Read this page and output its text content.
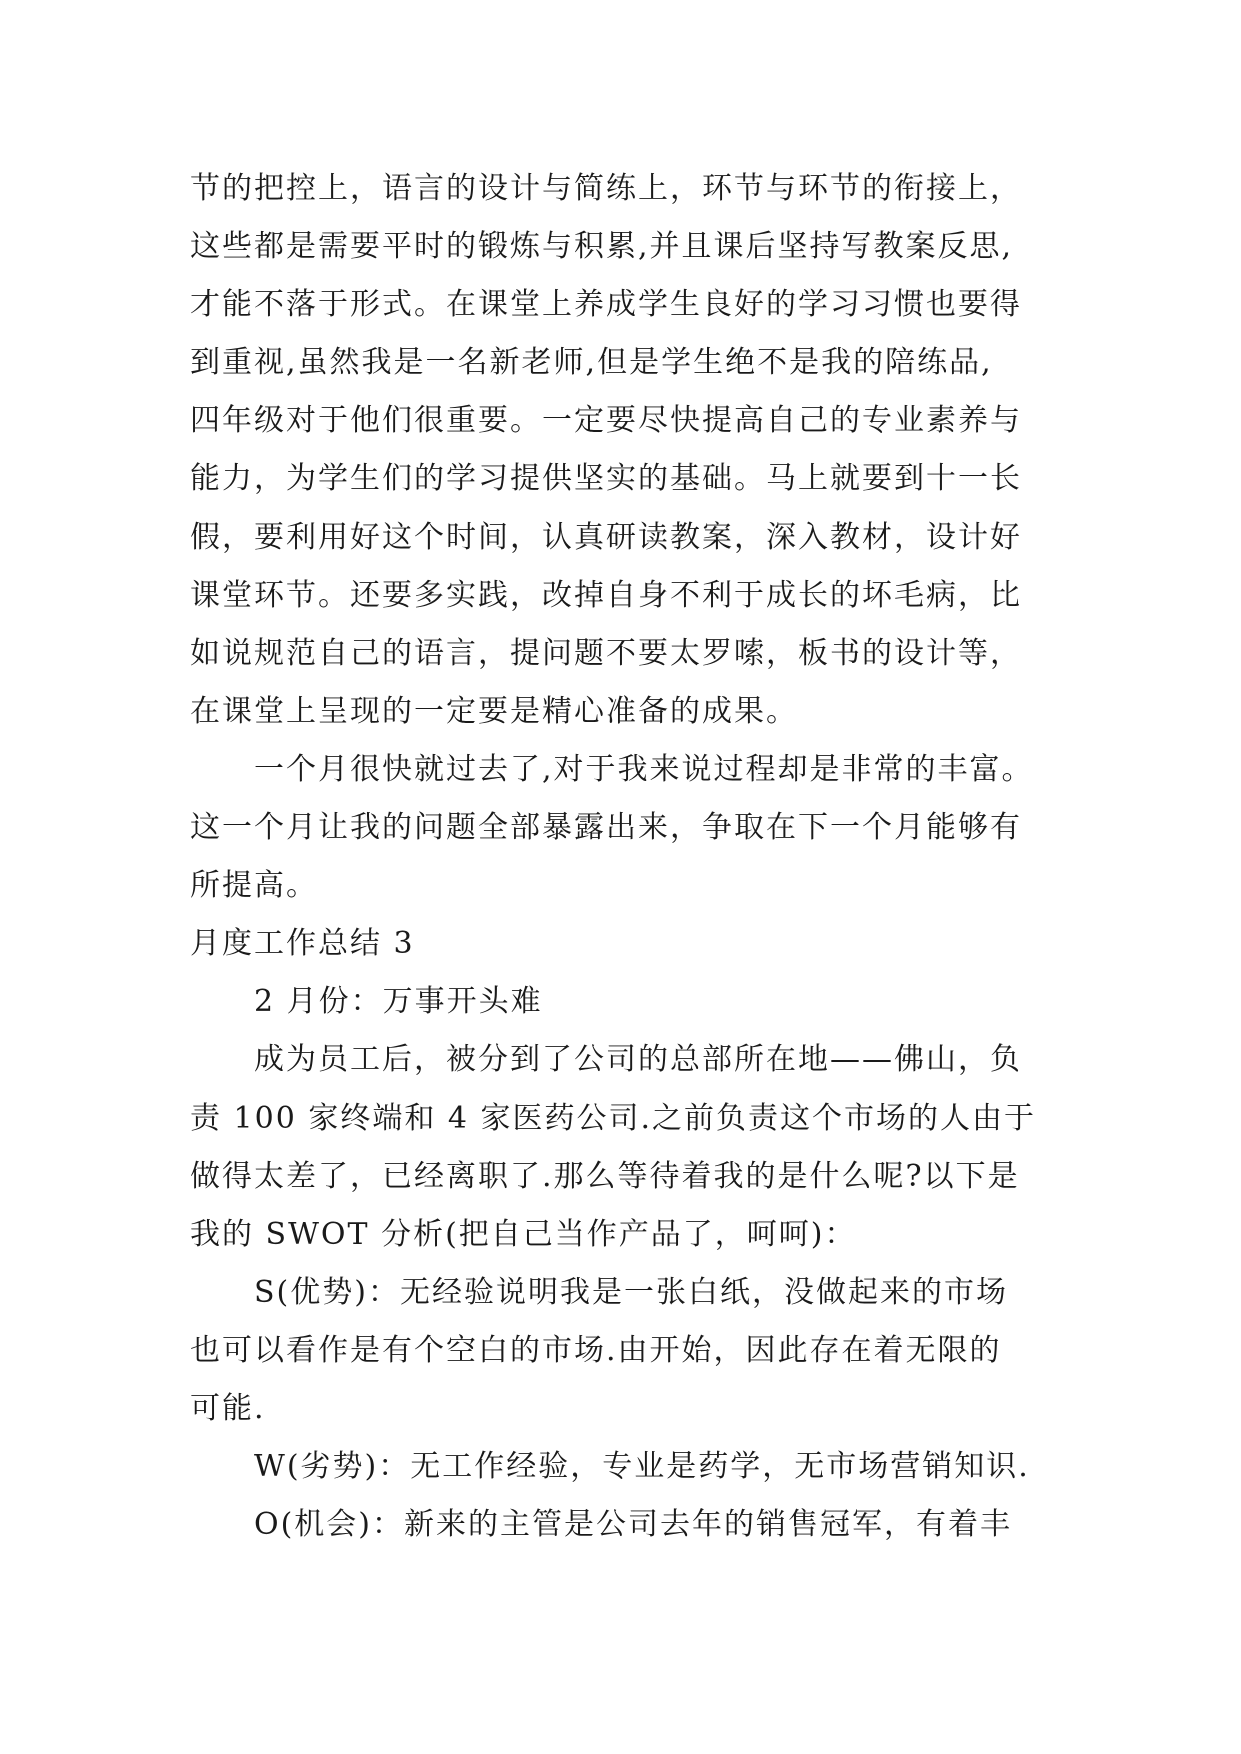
节的把控上，语言的设计与简练上，环节与环节的衔接上，
这些都是需要平时的锻炼与积累,并且课后坚持写教案反思,
才能不落于形式。在课堂上养成学生良好的学习习惯也要得
到重视,虽然我是一名新老师,但是学生绝不是我的陪练品,
四年级对于他们很重要。一定要尽快提高自己的专业素养与
能力，为学生们的学习提供坚实的基础。马上就要到十一长
假，要利用好这个时间，认真研读教案，深入教材，设计好
课堂环节。还要多实践，改掉自身不利于成长的坏毛病，比
如说规范自己的语言，提问题不要太罗嗦，板书的设计等，
在课堂上呈现的一定要是精心准备的成果。
一个月很快就过去了,对于我来说过程却是非常的丰富。
这一个月让我的问题全部暴露出来，争取在下一个月能够有
所提高。
月度工作总结 3
2 月份：万事开头难
成为员工后，被分到了公司的总部所在地——佛山，负
责 100 家终端和 4 家医药公司.之前负责这个市场的人由于
做得太差了，已经离职了.那么等待着我的是什么呢?以下是
我的 SWOT 分析(把自己当作产品了，呵呵)：
S(优势)：无经验说明我是一张白纸，没做起来的市场
也可以看作是有个空白的市场.由开始，因此存在着无限的
可能.
W(劣势)：无工作经验，专业是药学，无市场营销知识.
O(机会)：新来的主管是公司去年的销售冠军，有着丰
